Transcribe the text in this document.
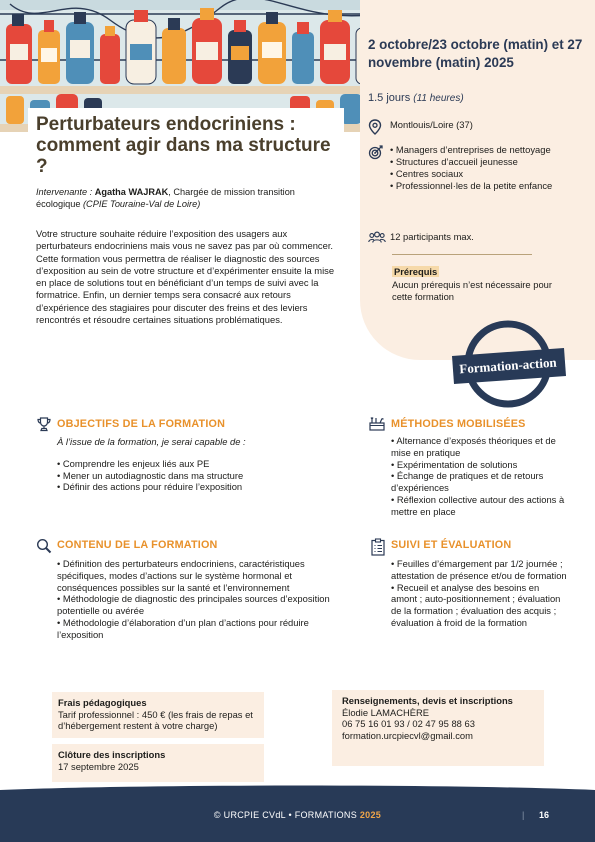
Perturbateurs endocriniens : comment agir dans ma structure ?
Intervenante : Agatha WAJRAK, Chargée de mission transition écologique (CPIE Touraine-Val de Loire)

Votre structure souhaite réduire l’exposition des usagers aux perturbateurs endocriniens mais vous ne savez pas par où commencer. Cette formation vous permettra de réaliser le diagnostic des sources d’exposition au sein de votre structure et d’expérimenter ensuite la mise en place de solutions tout en bénéficiant d’un temps de suivi avec la formatrice. Enfin, un dernier temps sera consacré aux retours d’expérience des stagiaires pour discuter des freins et des leviers rencontrés et résoudre certaines situations problématiques.

2 octobre/23 octobre (matin) et 27 novembre (matin) 2025
1.5 jours (11 heures)
Montlouis/Loire (37)
• Managers d’entreprises de nettoyage
• Structures d’accueil jeunesse
• Centres sociaux
• Professionnel·les de la petite enfance
12 participants max.
Prérequis
Aucun prérequis n’est nécessaire pour cette formation
Formation-action
OBJECTIFS DE LA FORMATION

À l’issue de la formation, je serai capable de :

• Comprendre les enjeux liés aux PE
• Mener un autodiagnostic dans ma structure
• Définir des actions pour réduire l’exposition
MÉTHODES MOBILISÉES
• Alternance d’exposés théoriques et de mise en pratique
• Expérimentation de solutions
• Échange de pratiques et de retours d’expériences
• Réflexion collective autour des actions à mettre en place
CONTENU DE LA FORMATION
• Définition des perturbateurs endocriniens, caractéristiques spécifiques, modes d’actions sur le système hormonal et conséquences possibles sur la santé et l’environnement
• Méthodologie de diagnostic des principales sources d’exposition potentielle ou avérée
• Méthodologie d’élaboration d’un plan d’actions pour réduire l’exposition
SUIVI ET ÉVALUATION
• Feuilles d’émargement par 1/2 journée ; attestation de présence et/ou de formation
• Recueil et analyse des besoins en amont ; auto-positionnement ; évaluation de la formation ; évaluation des acquis ; évaluation à froid de la formation
Frais pédagogiques
Tarif professionnel : 450 € (les frais de repas et d’hébergement restent à votre charge)
Clôture des inscriptions
17 septembre 2025
Renseignements, devis et inscriptions
Élodie LAMACHÈRE
06 75 16 01 93 / 02 47 95 88 63
formation.urcpiecvl@gmail.com
© URCPIE CVdL • FORMATIONS 2025	| 16
